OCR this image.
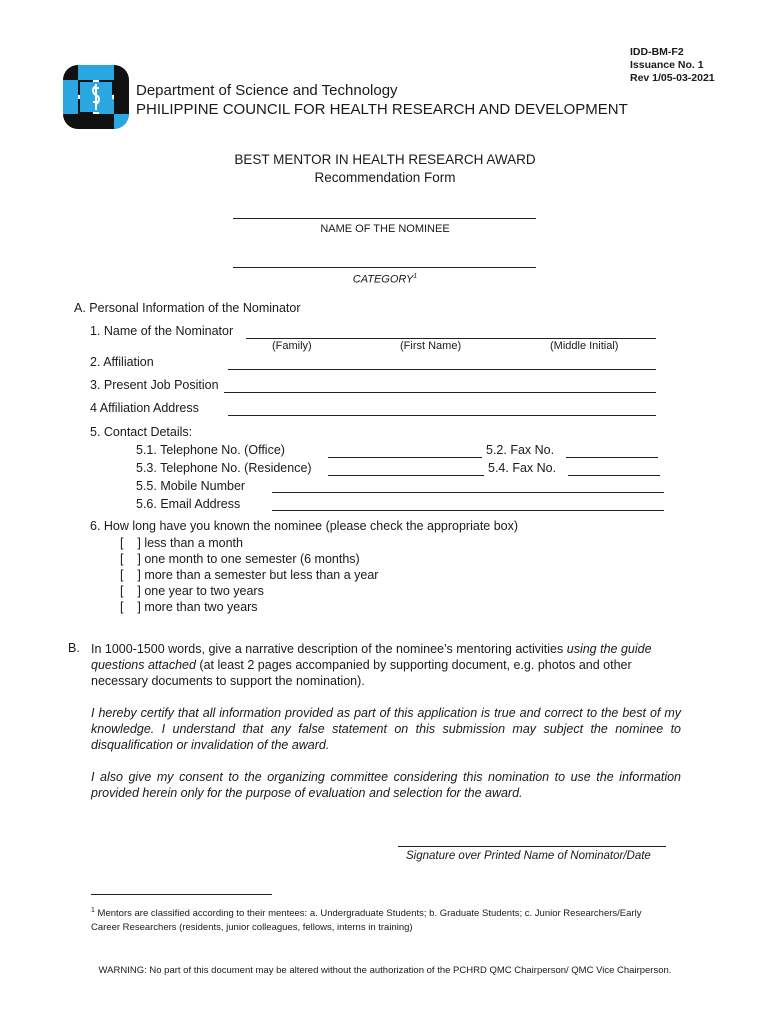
IDD-BM-F2
Issuance No. 1
Rev 1/05-03-2021
Department of Science and Technology
PHILIPPINE COUNCIL FOR HEALTH RESEARCH AND DEVELOPMENT
BEST MENTOR IN HEALTH RESEARCH AWARD
Recommendation Form
NAME OF THE NOMINEE
CATEGORY$^1$
A. Personal Information of the Nominator
1. Name of the Nominator
(Family)	(First Name)	(Middle Initial)
2. Affiliation
3. Present Job Position
4 Affiliation Address
5. Contact Details:
5.1. Telephone No. (Office)	5.2. Fax No.
5.3. Telephone No. (Residence)	5.4. Fax No.
5.5. Mobile Number
5.6. Email Address
6. How long have you known the nominee (please check the appropriate box)
[    ] less than a month
[    ] one month to one semester (6 months)
[    ] more than a semester but less than a year
[    ] one year to two years
[    ] more than two years
B. In 1000-1500 words, give a narrative description of the nominee’s mentoring activities using the guide
questions attached (at least 2 pages accompanied by supporting document, e.g. photos and other
necessary documents to support the nomination).
I hereby certify that all information provided as part of this application is true and correct to the best of my knowledge. I understand that any false statement on this submission may subject the nominee to disqualification or invalidation of the award.
I also give my consent to the organizing committee considering this nomination to use the information provided herein only for the purpose of evaluation and selection for the award.
Signature over Printed Name of Nominator/Date
$^1$ Mentors are classified according to their mentees: a. Undergraduate Students; b. Graduate Students; c. Junior Researchers/Early Career Researchers (residents, junior colleagues, fellows, interns in training)
WARNING: No part of this document may be altered without the authorization of the PCHRD QMC Chairperson/ QMC Vice Chairperson.
